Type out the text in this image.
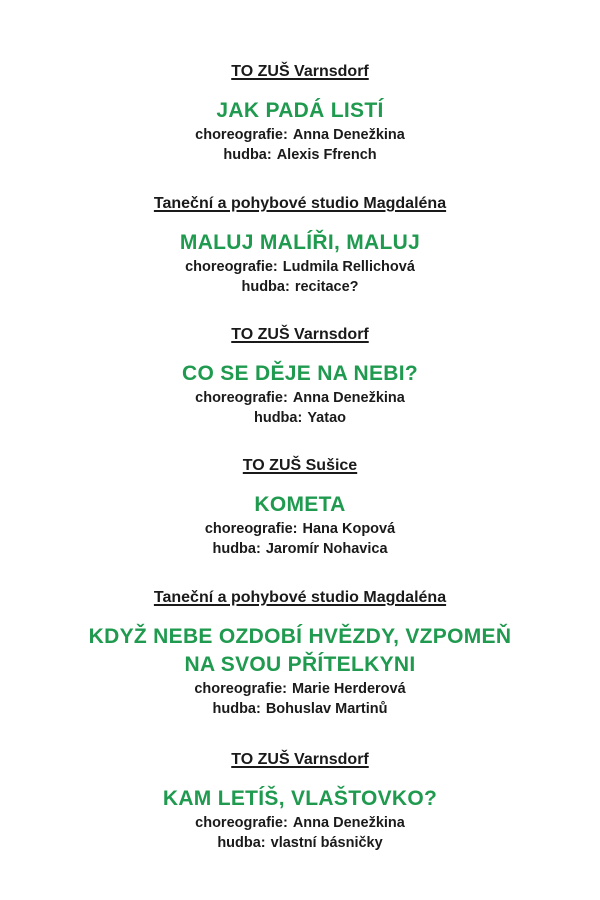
TO ZUŠ Varnsdorf
JAK PADÁ LISTÍ
choreografie: Anna Denežkina
hudba: Alexis Ffrench
Taneční a pohybové studio Magdaléna
MALUJ MALÍŘI, MALUJ
choreografie: Ludmila Rellichová
hudba: recitace?
TO ZUŠ Varnsdorf
CO SE DĚJE NA NEBI?
choreografie: Anna Denežkina
hudba: Yatao
TO ZUŠ Sušice
KOMETA
choreografie: Hana Kopová
hudba: Jaromír Nohavica
Taneční a pohybové studio Magdaléna
KDYŽ NEBE OZDOBÍ HVĚZDY, VZPOMEŇ
NA SVOU PŘÍTELKYNI
choreografie: Marie Herderová
hudba: Bohuslav Martinů
TO ZUŠ Varnsdorf
KAM LETÍŠ, VLAŠTOVKO?
choreografie: Anna Denežkina
hudba: vlastní básničky
